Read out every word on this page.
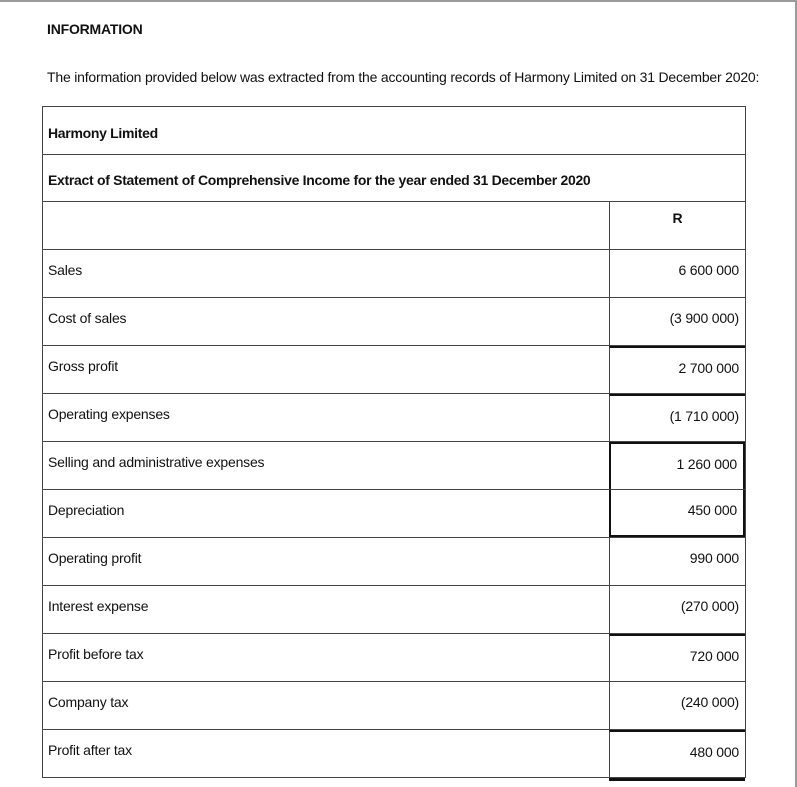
INFORMATION
The information provided below was extracted from the accounting records of Harmony Limited on 31 December 2020:
Harmony Limited
Extract of Statement of Comprehensive Income for the year ended 31 December 2020
R
Sales	6 600 000
Cost of sales	(3 900 000)
Gross profit	2 700 000
Operating expenses	(1 710 000)
Selling and administrative expenses	1 260 000
Depreciation	450 000
Operating profit	990 000
Interest expense	(270 000)
Profit before tax	720 000
Company tax	(240 000)
Profit after tax	480 000
